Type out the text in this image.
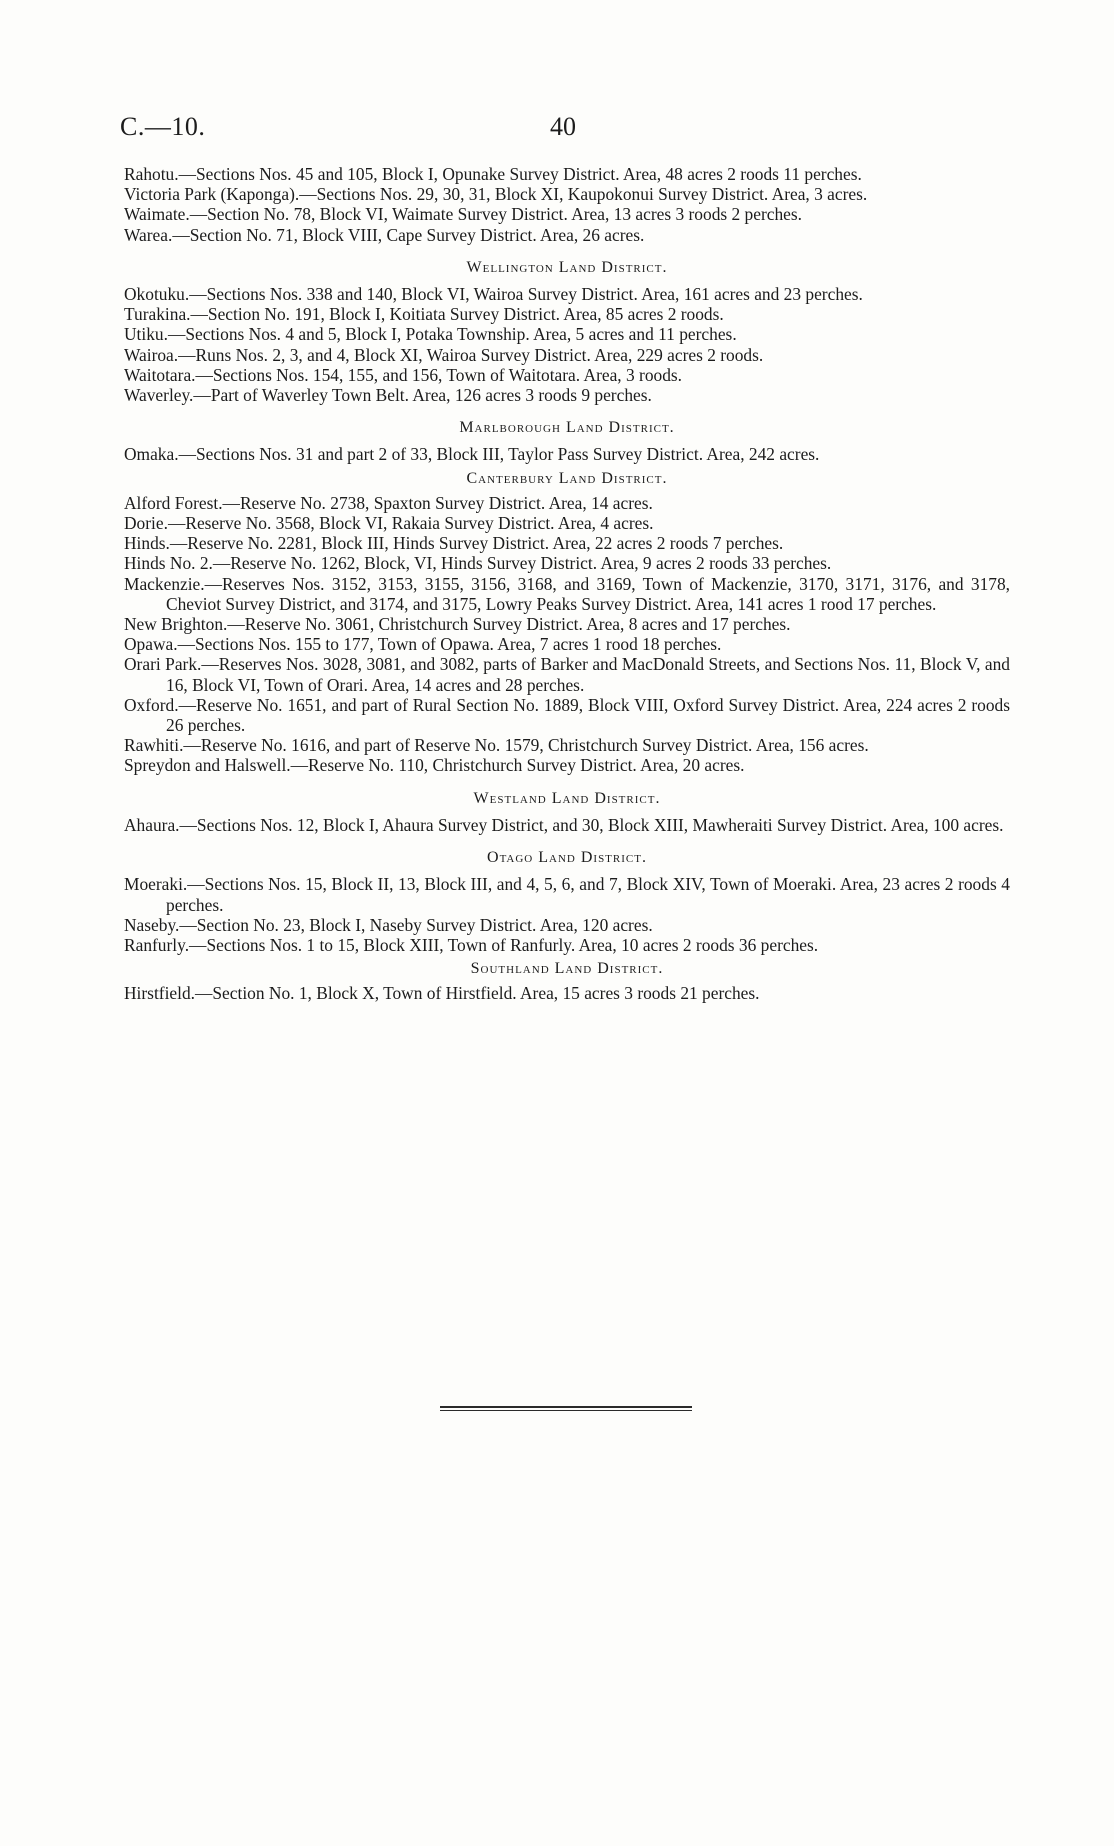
C.—10.	40

Rahotu.—Sections Nos. 45 and 105, Block I, Opunake Survey District. Area, 48 acres 2 roods 11 perches.

Victoria Park (Kaponga).—Sections Nos. 29, 30, 31, Block XI, Kaupokonui Survey District. Area, 3 acres.

Waimate.—Section No. 78, Block VI, Waimate Survey District. Area, 13 acres 3 roods 2 perches.

Warea.—Section No. 71, Block VIII, Cape Survey District. Area, 26 acres.

Wellington Land District.

Okotuku.—Sections Nos. 338 and 140, Block VI, Wairoa Survey District. Area, 161 acres and 23 perches.

Turakina.—Section No. 191, Block I, Koitiata Survey District. Area, 85 acres 2 roods.

Utiku.—Sections Nos. 4 and 5, Block I, Potaka Township. Area, 5 acres and 11 perches.

Wairoa.—Runs Nos. 2, 3, and 4, Block XI, Wairoa Survey District. Area, 229 acres 2 roods.

Waitotara.—Sections Nos. 154, 155, and 156, Town of Waitotara. Area, 3 roods.

Waverley.—Part of Waverley Town Belt. Area, 126 acres 3 roods 9 perches.

Marlborough Land District.

Omaka.—Sections Nos. 31 and part 2 of 33, Block III, Taylor Pass Survey District. Area, 242 acres.

Canterbury Land District.

Alford Forest.—Reserve No. 2738, Spaxton Survey District. Area, 14 acres.

Dorie.—Reserve No. 3568, Block VI, Rakaia Survey District. Area, 4 acres.

Hinds.—Reserve No. 2281, Block III, Hinds Survey District. Area, 22 acres 2 roods 7 perches.

Hinds No. 2.—Reserve No. 1262, Block, VI, Hinds Survey District. Area, 9 acres 2 roods 33 perches.

Mackenzie.—Reserves Nos. 3152, 3153, 3155, 3156, 3168, and 3169, Town of Mackenzie, 3170, 3171, 3176, and 3178, Cheviot Survey District, and 3174, and 3175, Lowry Peaks Survey District. Area, 141 acres 1 rood 17 perches.

New Brighton.—Reserve No. 3061, Christchurch Survey District. Area, 8 acres and 17 perches.

Opawa.—Sections Nos. 155 to 177, Town of Opawa. Area, 7 acres 1 rood 18 perches.

Orari Park.—Reserves Nos. 3028, 3081, and 3082, parts of Barker and MacDonald Streets, and Sections Nos. 11, Block V, and 16, Block VI, Town of Orari. Area, 14 acres and 28 perches.

Oxford.—Reserve No. 1651, and part of Rural Section No. 1889, Block VIII, Oxford Survey District. Area, 224 acres 2 roods 26 perches.

Rawhiti.—Reserve No. 1616, and part of Reserve No. 1579, Christchurch Survey District. Area, 156 acres.

Spreydon and Halswell.—Reserve No. 110, Christchurch Survey District. Area, 20 acres.

Westland Land District.

Ahaura.—Sections Nos. 12, Block I, Ahaura Survey District, and 30, Block XIII, Mawheraiti Survey District. Area, 100 acres.

Otago Land District.

Moeraki.—Sections Nos. 15, Block II, 13, Block III, and 4, 5, 6, and 7, Block XIV, Town of Moeraki. Area, 23 acres 2 roods 4 perches.

Naseby.—Section No. 23, Block I, Naseby Survey District. Area, 120 acres.

Ranfurly.—Sections Nos. 1 to 15, Block XIII, Town of Ranfurly. Area, 10 acres 2 roods 36 perches.

Southland Land District.

Hirstfield.—Section No. 1, Block X, Town of Hirstfield. Area, 15 acres 3 roods 21 perches.
